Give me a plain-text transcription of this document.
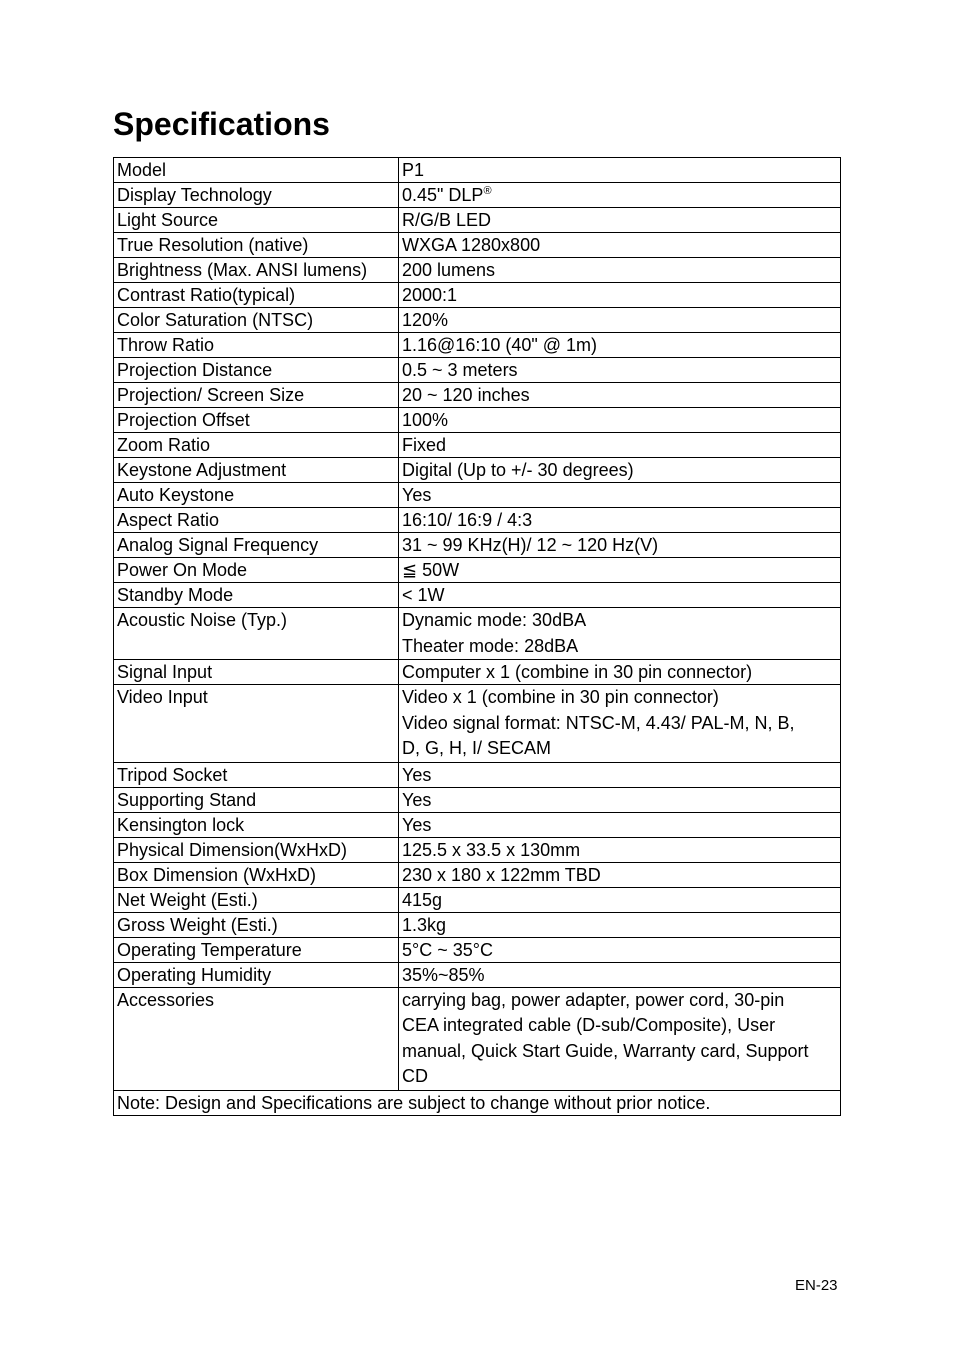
Specifications
Model	P1

Display Technology	0.45" DLP®

Light Source	R/G/B LED

True Resolution (native)	WXGA 1280x800

Brightness (Max. ANSI lumens)	200 lumens

Contrast Ratio(typical)	2000:1

Color Saturation (NTSC)	120%

Throw Ratio	1.16@16:10 (40" @ 1m)

Projection Distance	0.5 ~ 3 meters

Projection/ Screen Size	20 ~ 120 inches

Projection Offset	100%

Zoom Ratio	Fixed

Keystone Adjustment	Digital (Up to +/- 30 degrees)

Auto Keystone	Yes

Aspect Ratio	16:10/ 16:9 / 4:3

Analog Signal Frequency	31 ~ 99 KHz(H)/ 12 ~ 120 Hz(V)

Power On Mode	≦ 50W

Standby Mode	< 1W

Acoustic Noise (Typ.)	Dynamic mode: 30dBA
Theater mode: 28dBA

Signal Input	Computer x 1 (combine in 30 pin connector)

Video Input	Video x 1 (combine in 30 pin connector)
Video signal format: NTSC-M, 4.43/ PAL-M, N, B,
D, G, H, I/ SECAM

Tripod Socket	Yes

Supporting Stand	Yes

Kensington lock	Yes

Physical Dimension(WxHxD)	125.5 x 33.5 x 130mm

Box Dimension (WxHxD)	230 x 180 x 122mm TBD

Net Weight (Esti.)	415g

Gross Weight (Esti.)	1.3kg

Operating Temperature	5°C ~ 35°C

Operating Humidity	35%~85%

Accessories	carrying bag, power adapter, power cord, 30-pin
CEA integrated cable (D-sub/Composite), User
manual, Quick Start Guide, Warranty card, Support
CD

Note: Design and Specifications are subject to change without prior notice.	
EN-23
